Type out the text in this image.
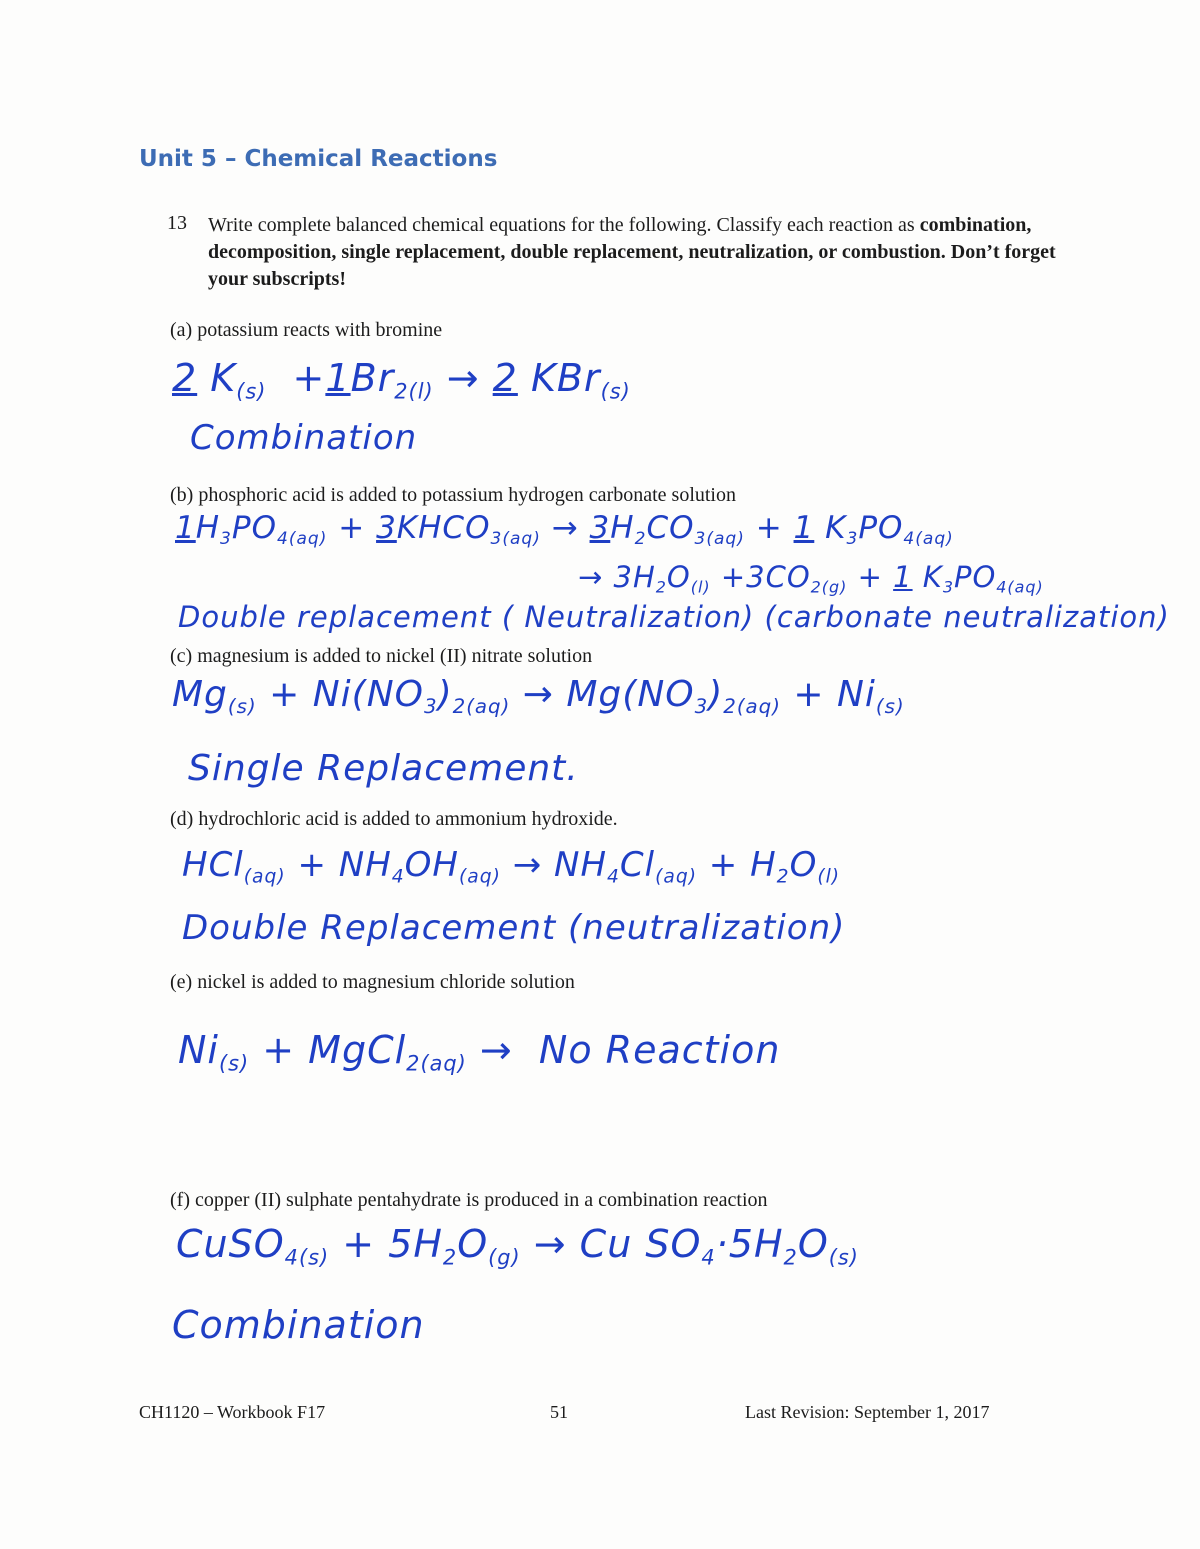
Unit 5 – Chemical Reactions
13 Write complete balanced chemical equations for the following. Classify each reaction as combination, decomposition, single replacement, double replacement, neutralization, or combustion. Don’t forget your subscripts!
(a) potassium reacts with bromine
2 $K_{(s)} +1Br_{2(l)} \to 2$ KBr$_{(s)}$
Combination
(b) phosphoric acid is added to potassium hydrogen carbonate solution
$1H_3PO_{4(aq)}$ + $3KHCO_{3(aq)} \to 3H_2CO_{3(aq)} + 1$ $K_3PO_{4(aq)}$
→ $3H_2O_{(l)} +3CO_{2(g)} + 1$ $K_3PO_{4(aq)}$
Double replacement ( Neutralization) (carbonate neutralization)
(c) magnesium is added to nickel (II) nitrate solution
$Mg_{(s)} + Ni(NO_3)_{2(aq)} \to Mg(NO_3)_{2(aq)} + Ni_{(s)}$
Single Replacement.
(d) hydrochloric acid is added to ammonium hydroxide.
$HCl_{(aq)} + NH_4OH_{(aq)} \to NH_4Cl_{(aq)} + H_2O_{(l)}$
Double Replacement (neutralization)
(e) nickel is added to magnesium chloride solution
$Ni_{(s)}$ + MgCl$_{2(aq)}$ →  No Reaction
(f) copper (II) sulphate pentahydrate is produced in a combination reaction
CuSO$_{4(s)}$ + $5H_2O_{(g)} \to Cu$ $SO_4\cdot 5H_2O_{(s)}$
Combination
CH1120 – Workbook F17	51	Last Revision: September 1, 2017
